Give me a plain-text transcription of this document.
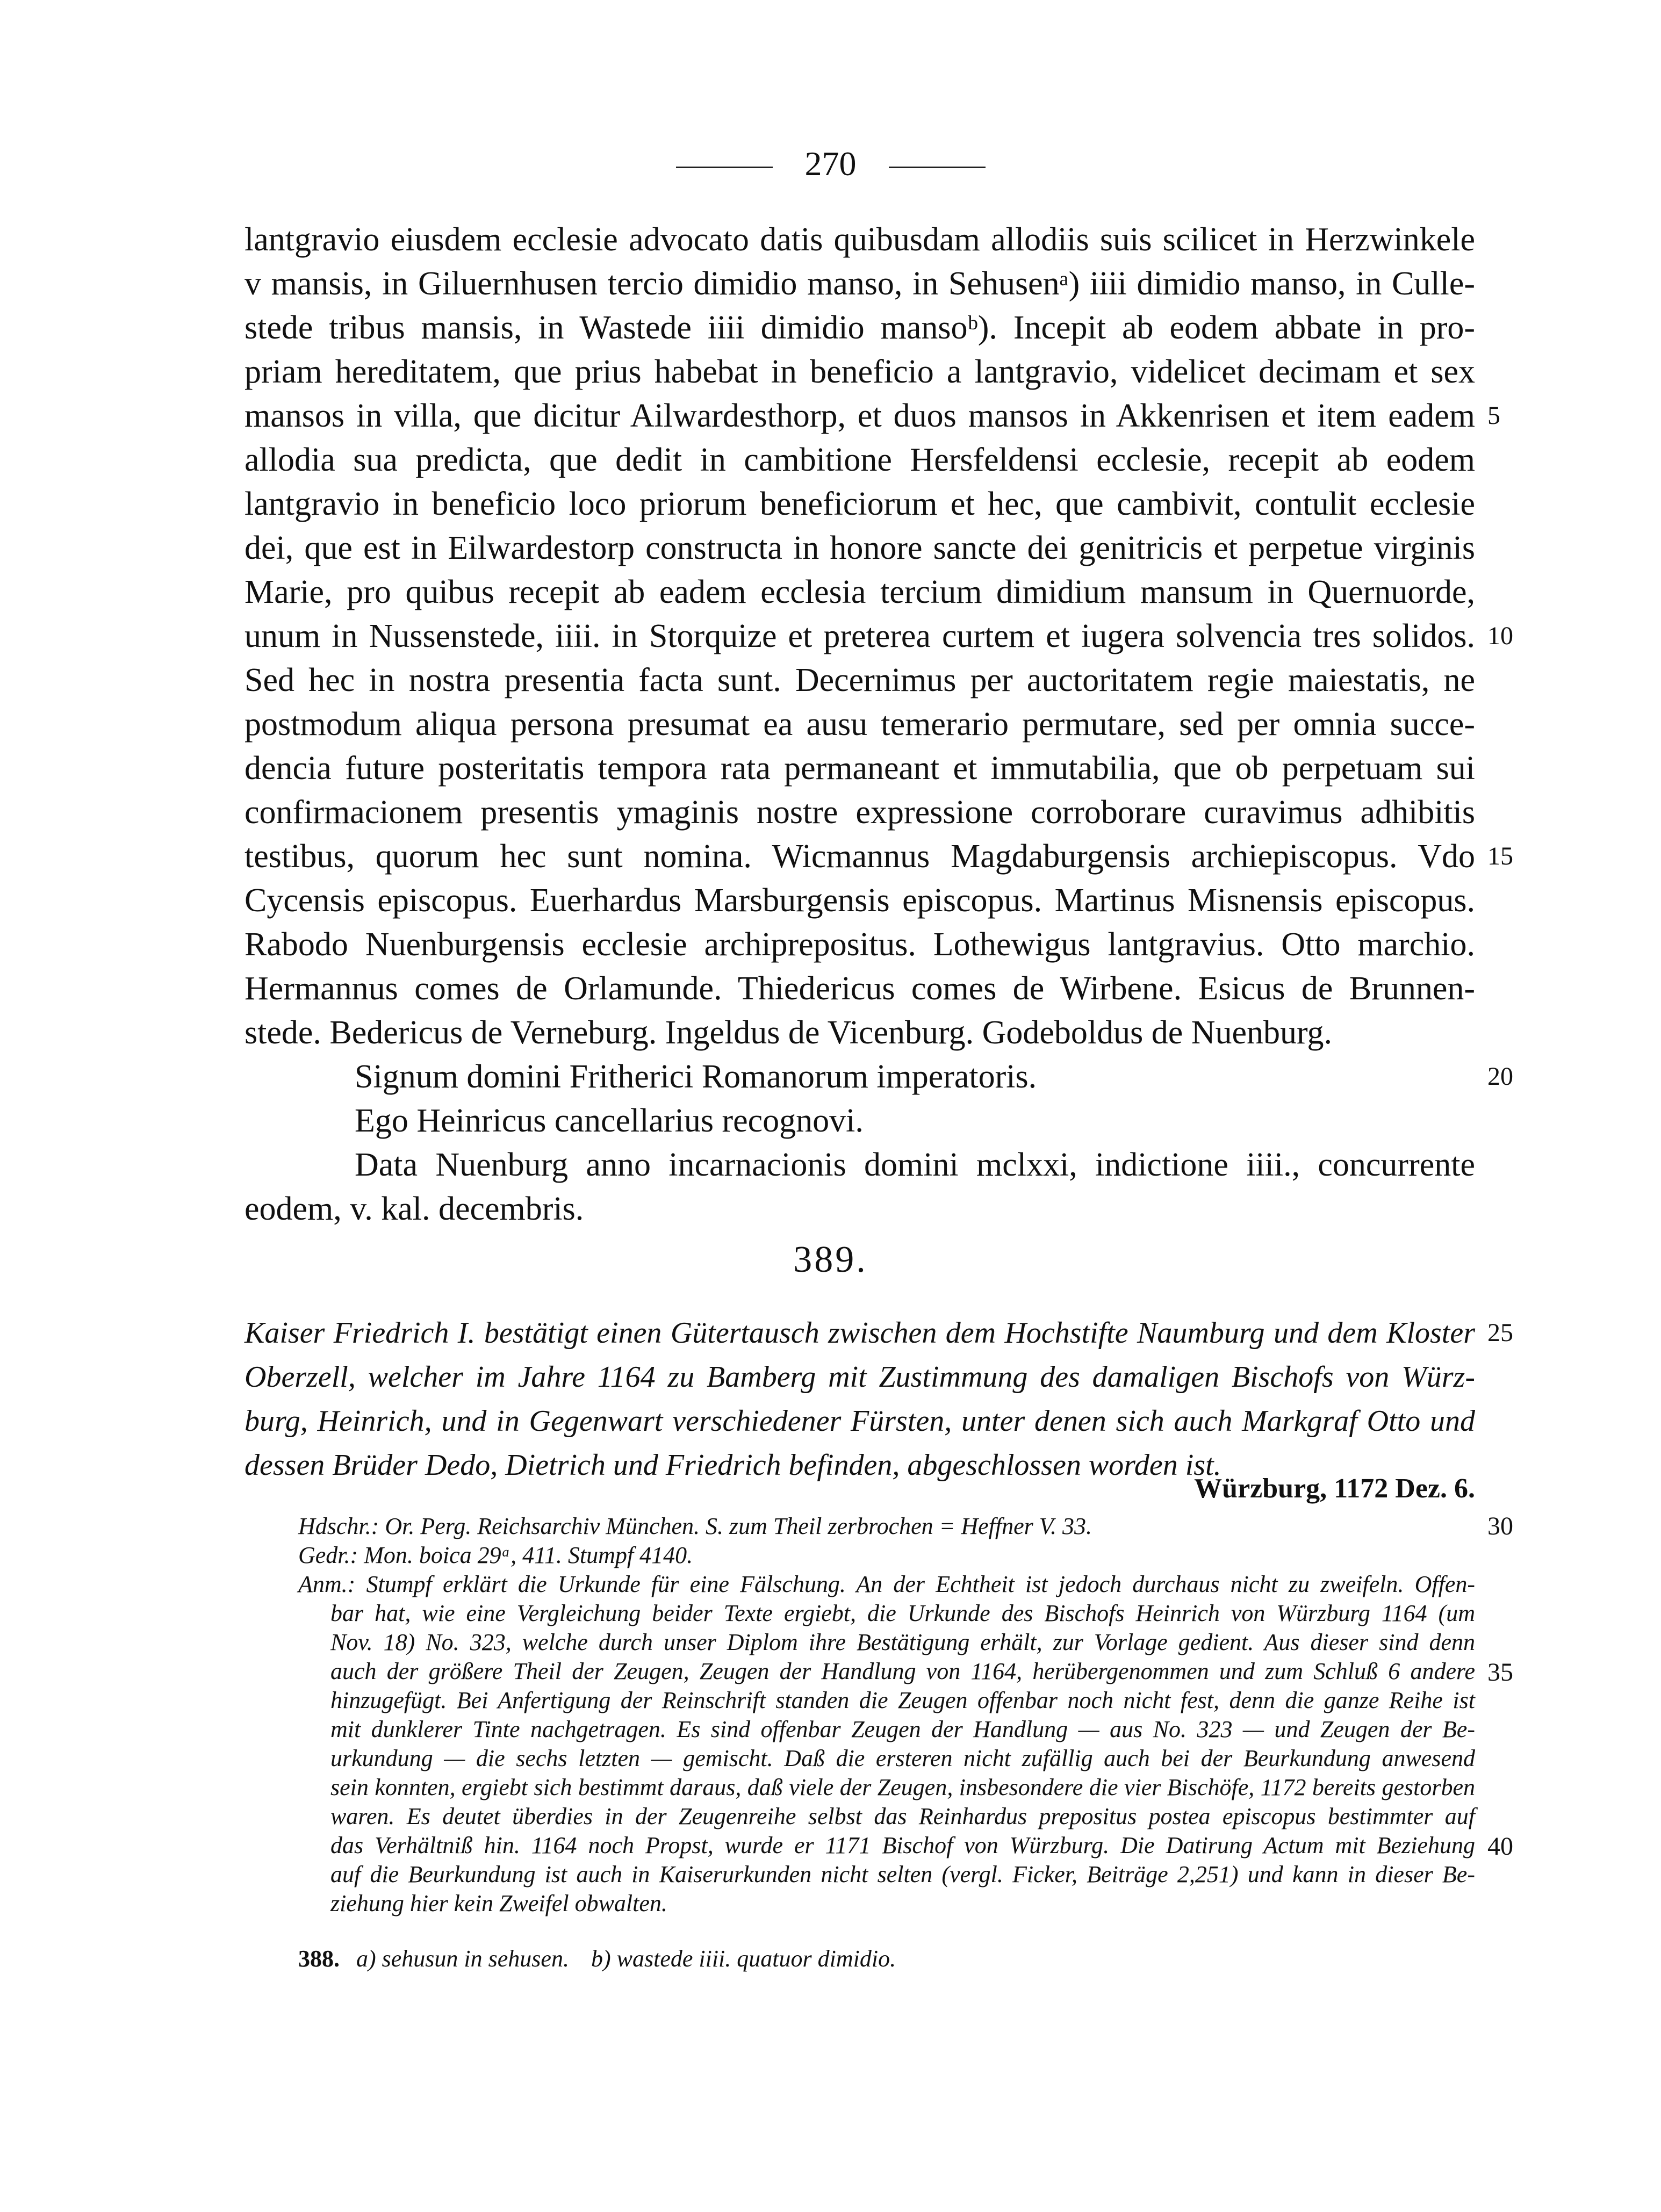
270
lantgravio eiusdem ecclesie advocato datis quibusdam allodiis suis scilicet in Herzwinkele
v mansis, in Giluernhusen tercio dimidio manso, in Sehusenᵃ) iiii dimidio manso, in Culle-
stede tribus mansis, in Wastede iiii dimidio mansoᵇ). Incepit ab eodem abbate in pro-
priam hereditatem, que prius habebat in beneficio a lantgravio, videlicet decimam et sex
mansos in villa, que dicitur Ailwardesthorp, et duos mansos in Akkenrisen et item eadem
allodia sua predicta, que dedit in cambitione Hersfeldensi ecclesie, recepit ab eodem
lantgravio in beneficio loco priorum beneficiorum et hec, que cambivit, contulit ecclesie
dei, que est in Eilwardestorp constructa in honore sancte dei genitricis et perpetue virginis
Marie, pro quibus recepit ab eadem ecclesia tercium dimidium mansum in Quernuorde,
unum in Nussenstede, iiii. in Storquize et preterea curtem et iugera solvencia tres solidos.
Sed hec in nostra presentia facta sunt. Decernimus per auctoritatem regie maiestatis, ne
postmodum aliqua persona presumat ea ausu temerario permutare, sed per omnia succe-
dencia future posteritatis tempora rata permaneant et immutabilia, que ob perpetuam sui
confirmacionem presentis ymaginis nostre expressione corroborare curavimus adhibitis
testibus, quorum hec sunt nomina. Wicmannus Magdaburgensis archiepiscopus. Vdo
Cycensis episcopus. Euerhardus Marsburgensis episcopus. Martinus Misnensis episcopus.
Rabodo Nuenburgensis ecclesie archiprepositus. Lothewigus lantgravius. Otto marchio.
Hermannus comes de Orlamunde. Thiedericus comes de Wirbene. Esicus de Brunnen-
stede. Bedericus de Verneburg. Ingeldus de Vicenburg. Godeboldus de Nuenburg.
Signum domini Fritherici Romanorum imperatoris.
Ego Heinricus cancellarius recognovi.
Data Nuenburg anno incarnacionis domini mclxxi, indictione iiii., concurrente
eodem, v. kal. decembris.
5
10
15
20
389.
Kaiser Friedrich I. bestätigt einen Gütertausch zwischen dem Hochstifte Naumburg und dem Kloster
Oberzell, welcher im Jahre 1164 zu Bamberg mit Zustimmung des damaligen Bischofs von Würz-
burg, Heinrich, und in Gegenwart verschiedener Fürsten, unter denen sich auch Markgraf Otto und
dessen Brüder Dedo, Dietrich und Friedrich befinden, abgeschlossen worden ist.
Würzburg, 1172 Dez. 6.
25
30
35
40
Hdschr.: Or. Perg. Reichsarchiv München. S. zum Theil zerbrochen = Heffner V. 33.
Gedr.: Mon. boica 29ᵃ, 411. Stumpf 4140.
Anm.: Stumpf erklärt die Urkunde für eine Fälschung. An der Echtheit ist jedoch durchaus nicht zu zweifeln. Offen-
bar hat, wie eine Vergleichung beider Texte ergiebt, die Urkunde des Bischofs Heinrich von Würzburg 1164 (um
Nov. 18) No. 323, welche durch unser Diplom ihre Bestätigung erhält, zur Vorlage gedient. Aus dieser sind denn
auch der größere Theil der Zeugen, Zeugen der Handlung von 1164, herübergenommen und zum Schluß 6 andere
hinzugefügt. Bei Anfertigung der Reinschrift standen die Zeugen offenbar noch nicht fest, denn die ganze Reihe ist
mit dunklerer Tinte nachgetragen. Es sind offenbar Zeugen der Handlung — aus No. 323 — und Zeugen der Be-
urkundung — die sechs letzten — gemischt. Daß die ersteren nicht zufällig auch bei der Beurkundung anwesend
sein konnten, ergiebt sich bestimmt daraus, daß viele der Zeugen, insbesondere die vier Bischöfe, 1172 bereits gestorben
waren. Es deutet überdies in der Zeugenreihe selbst das Reinhardus prepositus postea episcopus bestimmter auf
das Verhältniß hin. 1164 noch Propst, wurde er 1171 Bischof von Würzburg. Die Datirung Actum mit Beziehung
auf die Beurkundung ist auch in Kaiserurkunden nicht selten (vergl. Ficker, Beiträge 2,251) und kann in dieser Be-
ziehung hier kein Zweifel obwalten.
388. a) sehusun in sehusen. b) wastede iiii. quatuor dimidio.
